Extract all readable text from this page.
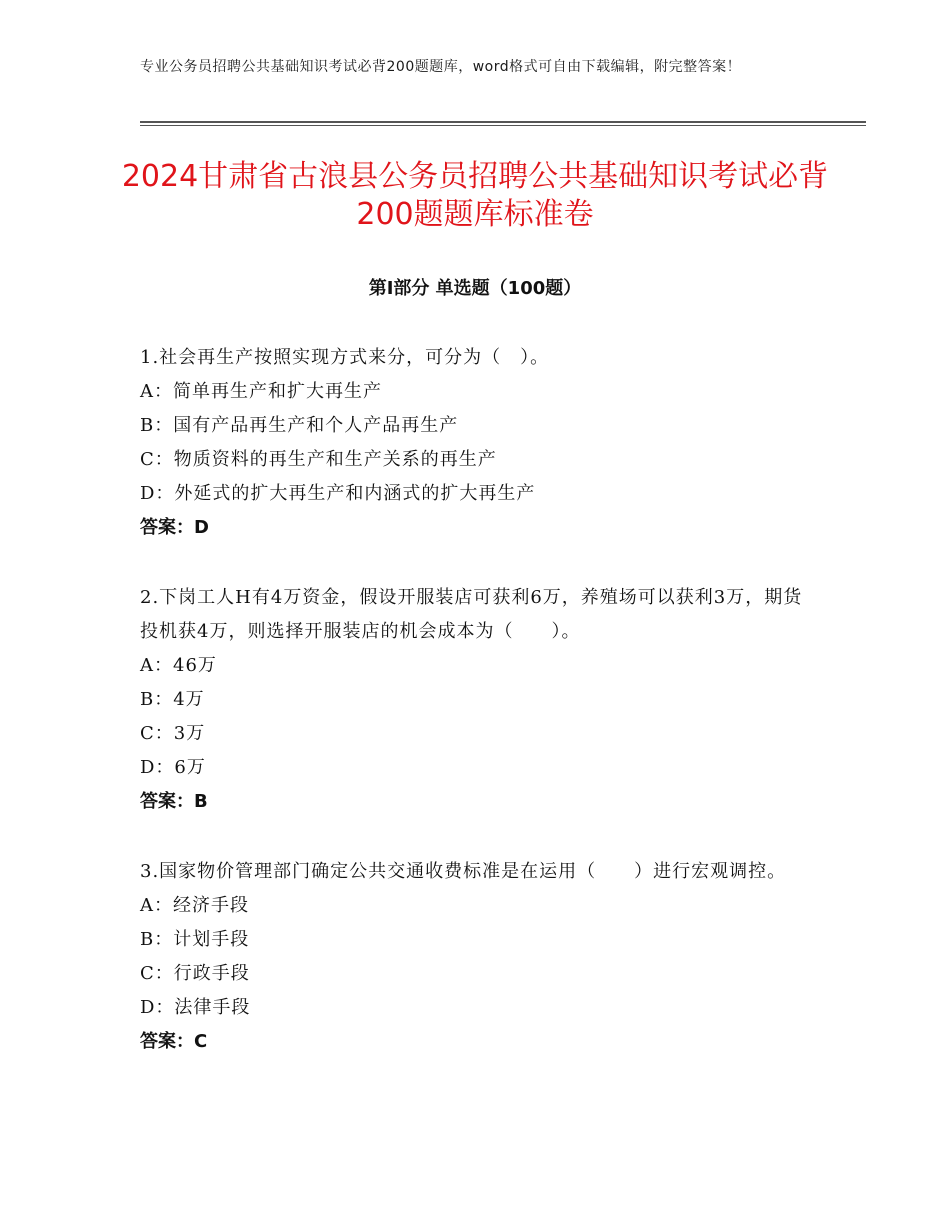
专业公务员招聘公共基础知识考试必背200题题库，word格式可自由下载编辑，附完整答案！
2024甘肃省古浪县公务员招聘公共基础知识考试必背200题题库标准卷
第Ⅰ部分 单选题（100题）
1.社会再生产按照实现方式来分，可分为（　）。
A：简单再生产和扩大再生产
B：国有产品再生产和个人产品再生产
C：物质资料的再生产和生产关系的再生产
D：外延式的扩大再生产和内涵式的扩大再生产
答案：D
2.下岗工人H有4万资金，假设开服装店可获利6万，养殖场可以获利3万，期货投机获4万，则选择开服装店的机会成本为（　　）。
A：46万
B：4万
C：3万
D：6万
答案：B
3.国家物价管理部门确定公共交通收费标准是在运用（　　）进行宏观调控。
A：经济手段
B：计划手段
C：行政手段
D：法律手段
答案：C
